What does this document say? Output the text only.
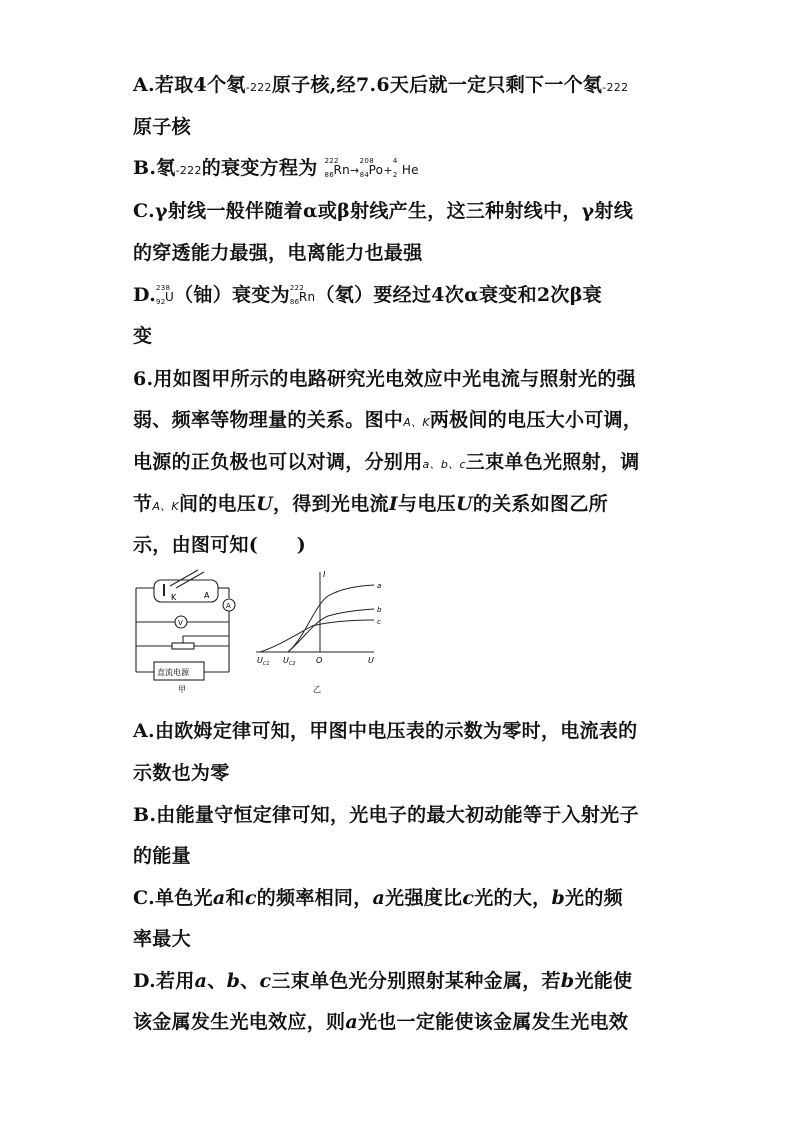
A.若取4个氡-222原子核,经7.6天后就一定只剩下一个氡-222
原子核
B.氡-222的衰变方程为 222
86 Rn→
208
84 Po+
4
2 He
C.γ射线一般伴随着α或β射线产生，这三种射线中，γ射线
的穿透能力最强，电离能力也最强
D. 238
92 U（铀）衰变为 222
86 Rn（氡）要经过4次α衰变和2次β衰
变
6.用如图甲所示的电路研究光电效应中光电流与照射光的强
弱、频率等物理量的关系。图中A、K两极间的电压大小可调，
电源的正负极也可以对调，分别用a、b、c三束单色光照射，调
节A、K间的电压U，得到光电流I与电压U的关系如图乙所
示，由图可知(　　)
K	A
A
V
直流电源
甲
I
U
O
$U_{C1}$ $U_{C2}$
a
b
c
乙
A.由欧姆定律可知，甲图中电压表的示数为零时，电流表的
示数也为零
B.由能量守恒定律可知，光电子的最大初动能等于入射光子
的能量
C.单色光a和c的频率相同，a光强度比c光的大，b光的频
率最大
D.若用a、b、c三束单色光分别照射某种金属，若b光能使
该金属发生光电效应，则a光也一定能使该金属发生光电效
